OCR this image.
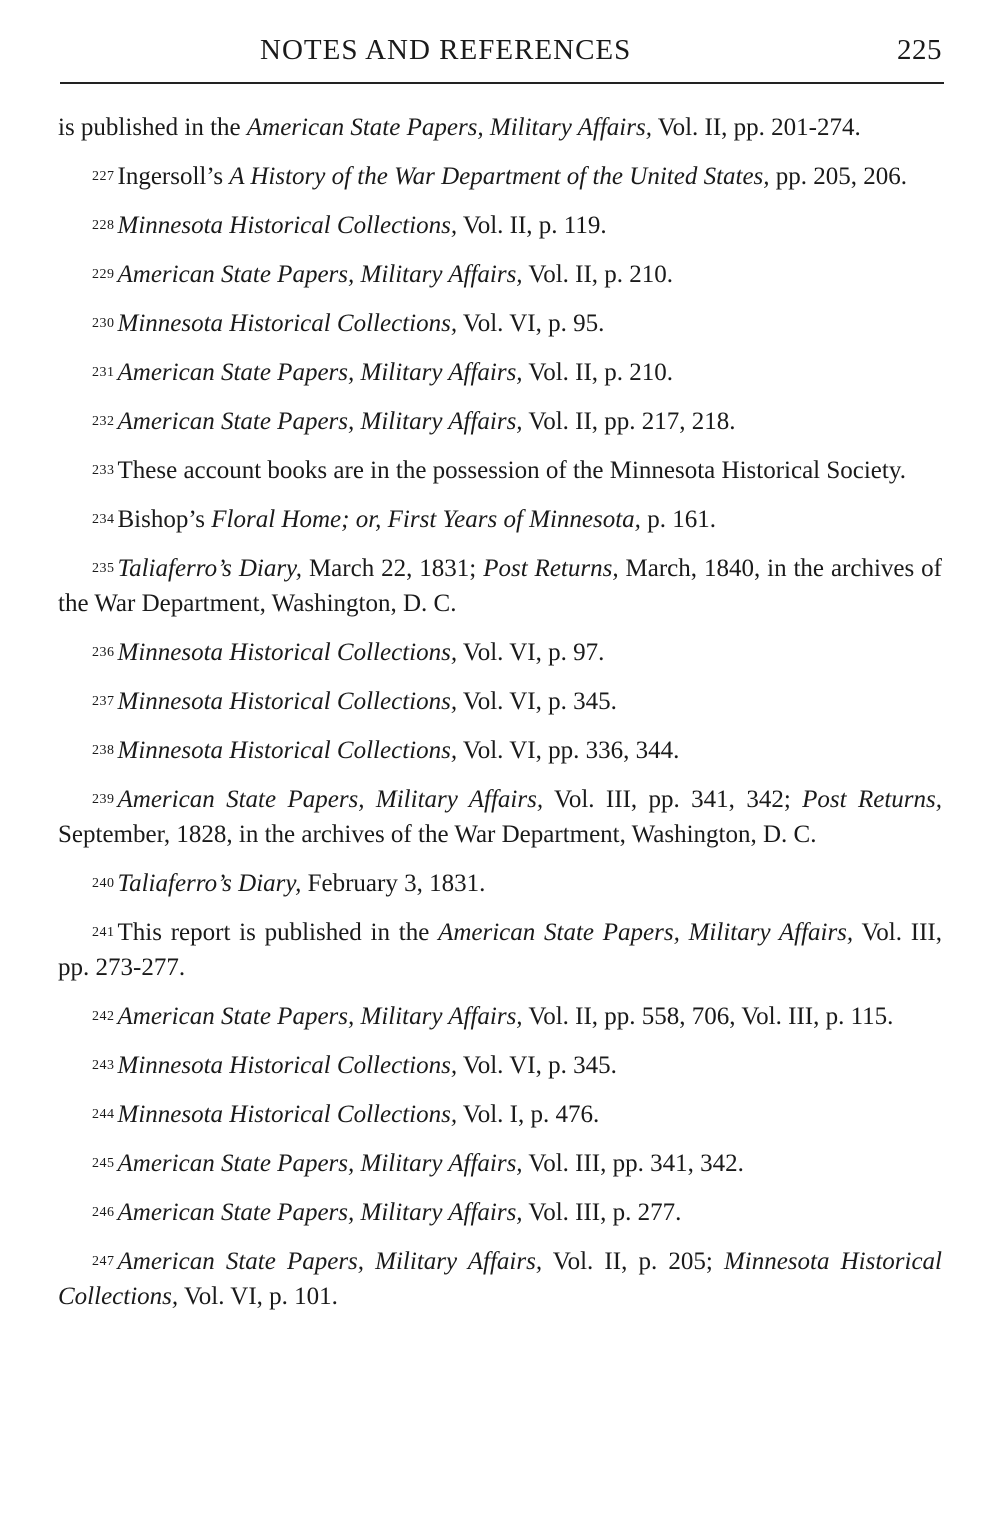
NOTES AND REFERENCES	225

is published in the American State Papers, Military Affairs, Vol. II, pp. 201-274.

227 Ingersoll’s A History of the War Department of the United States, pp. 205, 206.

228 Minnesota Historical Collections, Vol. II, p. 119.

229 American State Papers, Military Affairs, Vol. II, p. 210.

230 Minnesota Historical Collections, Vol. VI, p. 95.

231 American State Papers, Military Affairs, Vol. II, p. 210.

232 American State Papers, Military Affairs, Vol. II, pp. 217, 218.

233 These account books are in the possession of the Minnesota Historical Society.

234 Bishop’s Floral Home; or, First Years of Minnesota, p. 161.

235 Taliaferro’s Diary, March 22, 1831; Post Returns, March, 1840, in the archives of the War Department, Washington, D. C.

236 Minnesota Historical Collections, Vol. VI, p. 97.

237 Minnesota Historical Collections, Vol. VI, p. 345.

238 Minnesota Historical Collections, Vol. VI, pp. 336, 344.

239 American State Papers, Military Affairs, Vol. III, pp. 341, 342; Post Returns, September, 1828, in the archives of the War Department, Washington, D. C.

240 Taliaferro’s Diary, February 3, 1831.

241 This report is published in the American State Papers, Military Affairs, Vol. III, pp. 273-277.

242 American State Papers, Military Affairs, Vol. II, pp. 558, 706, Vol. III, p. 115.

243 Minnesota Historical Collections, Vol. VI, p. 345.

244 Minnesota Historical Collections, Vol. I, p. 476.

245 American State Papers, Military Affairs, Vol. III, pp. 341, 342.

246 American State Papers, Military Affairs, Vol. III, p. 277.

247 American State Papers, Military Affairs, Vol. II, p. 205; Minnesota Historical Collections, Vol. VI, p. 101.
